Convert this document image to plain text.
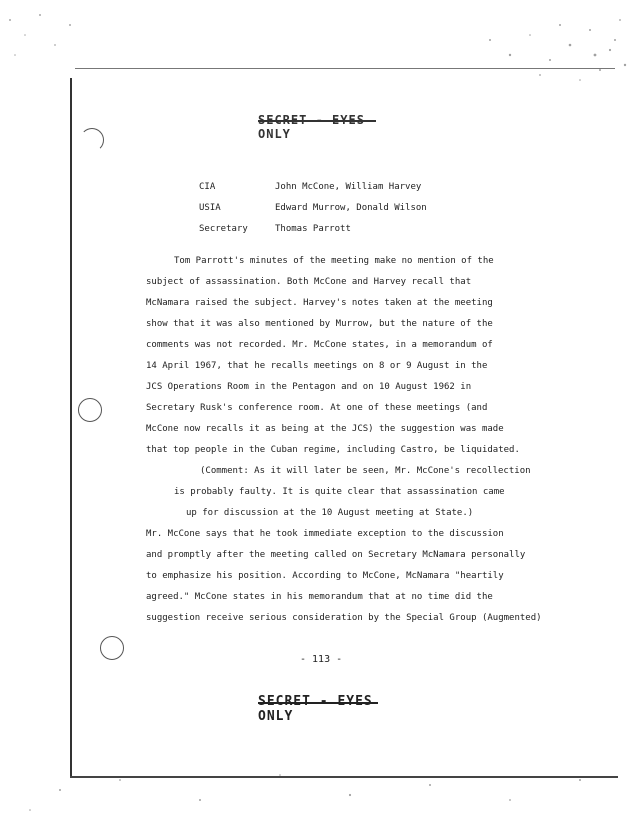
ONLY
CIA	John McCone, William Harvey
USIA	Edward Murrow, Donald Wilson
Secretary	Thomas Parrott
Tom Parrott's minutes of the meeting make no mention of the
subject of assassination. Both McCone and Harvey recall that
McNamara raised the subject. Harvey's notes taken at the meeting
show that it was also mentioned by Murrow, but the nature of the
comments was not recorded. Mr. McCone states, in a memorandum of
14 April 1967, that he recalls meetings on 8 or 9 August in the
JCS Operations Room in the Pentagon and on 10 August 1962 in
Secretary Rusk's conference room. At one of these meetings (and
McCone now recalls it as being at the JCS) the suggestion was made
that top people in the Cuban regime, including Castro, be liquidated.
(Comment: As it will later be seen, Mr. McCone's recollection
is probably faulty. It is quite clear that assassination came
up for discussion at the 10 August meeting at State.)
Mr. McCone says that he took immediate exception to the discussion
and promptly after the meeting called on Secretary McNamara personally
to emphasize his position. According to McCone, McNamara "heartily
agreed." McCone states in his memorandum that at no time did the
suggestion receive serious consideration by the Special Group (Augmented)
- 113 -
ONLY
